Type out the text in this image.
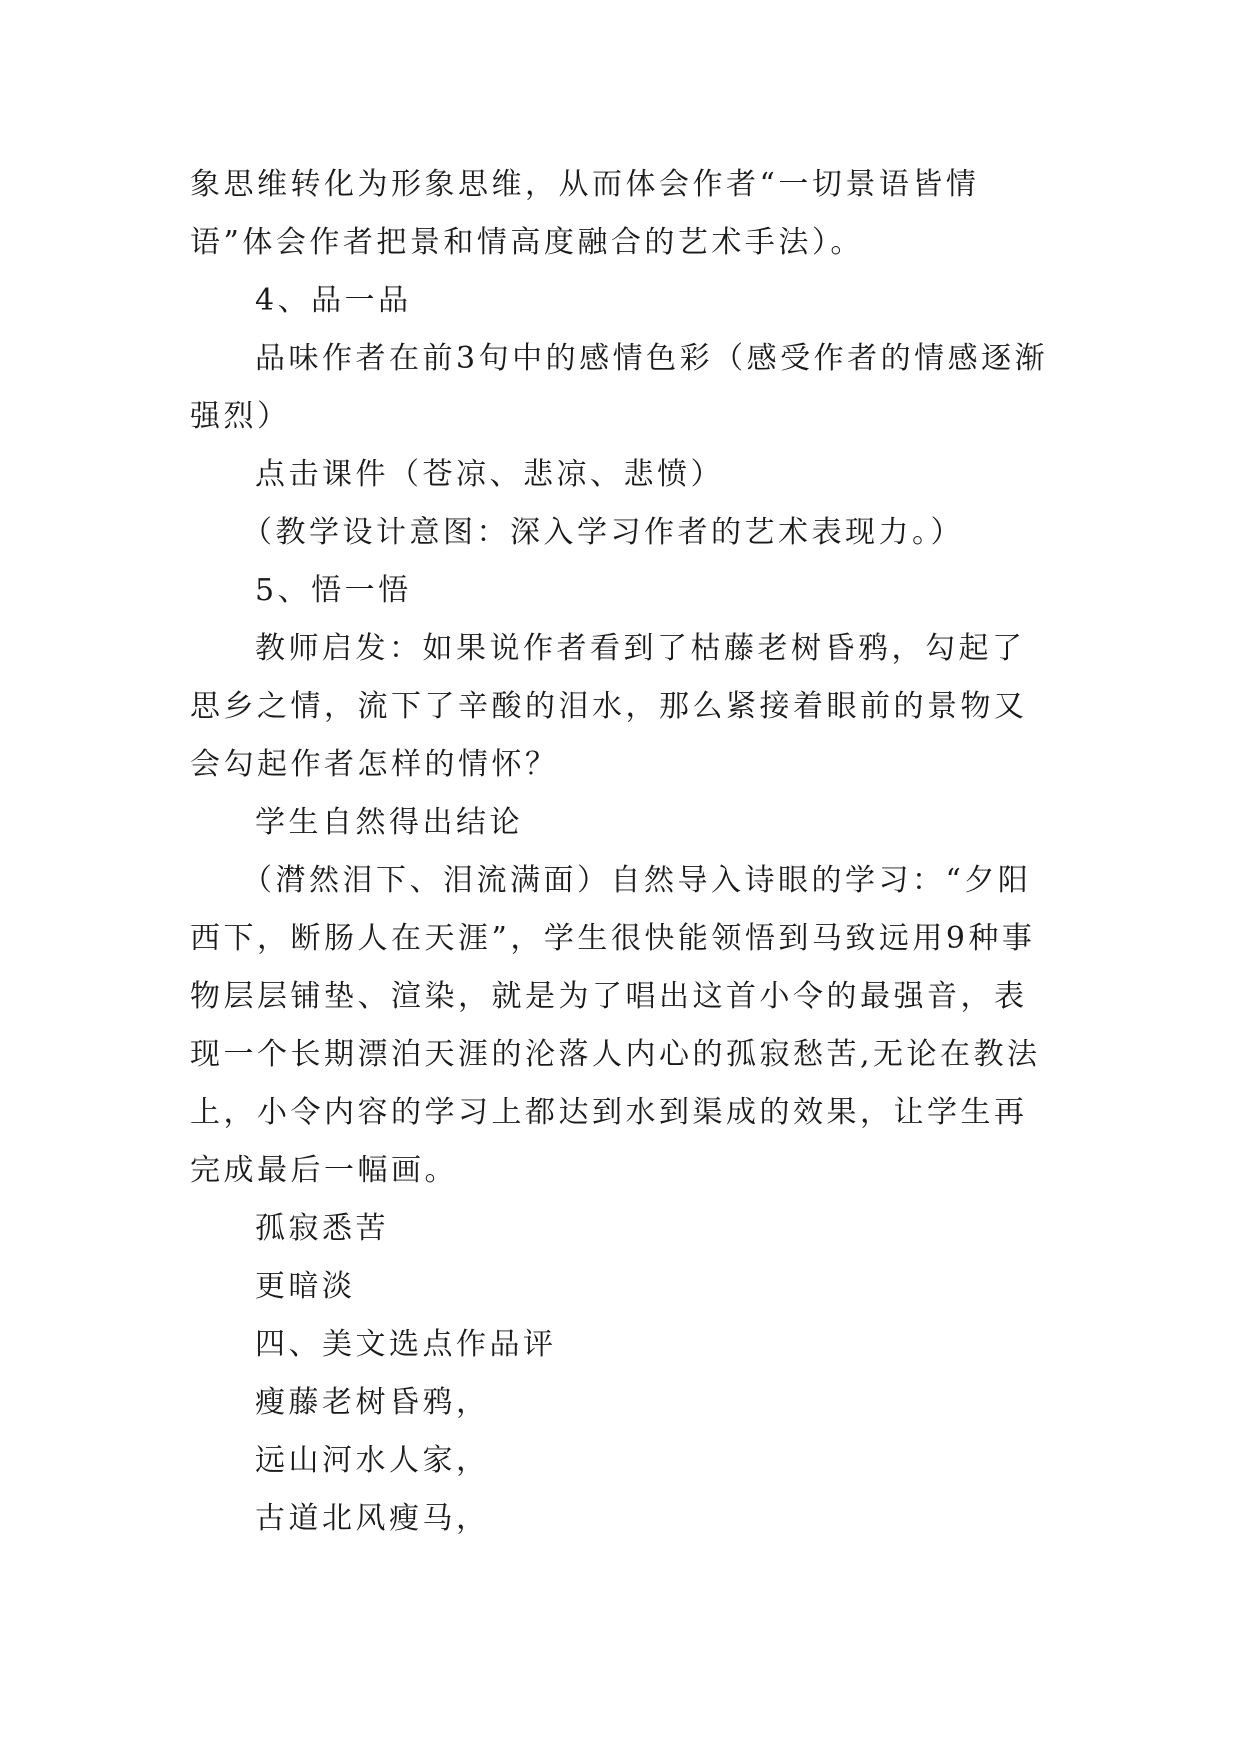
象思维转化为形象思维，从而体会作者“一切景语皆情语”体会作者把景和情高度融合的艺术手法）。

4、品一品

品味作者在前3句中的感情色彩（感受作者的情感逐渐强烈）

点击课件（苍凉、悲凉、悲愤）

（教学设计意图：深入学习作者的艺术表现力。）

5、悟一悟

教师启发：如果说作者看到了枯藤老树昏鸦，勾起了思乡之情，流下了辛酸的泪水，那么紧接着眼前的景物又会勾起作者怎样的情怀？

学生自然得出结论

（潸然泪下、泪流满面）自然导入诗眼的学习：“夕阳西下，断肠人在天涯”，学生很快能领悟到马致远用9种事物层层铺垫、渲染，就是为了唱出这首小令的最强音，表现一个长期漂泊天涯的沦落人内心的孤寂愁苦,无论在教法上，小令内容的学习上都达到水到渠成的效果，让学生再完成最后一幅画。

孤寂悉苦

更暗淡

四、美文选点作品评

瘦藤老树昏鸦，

远山河水人家，

古道北风瘦马，
